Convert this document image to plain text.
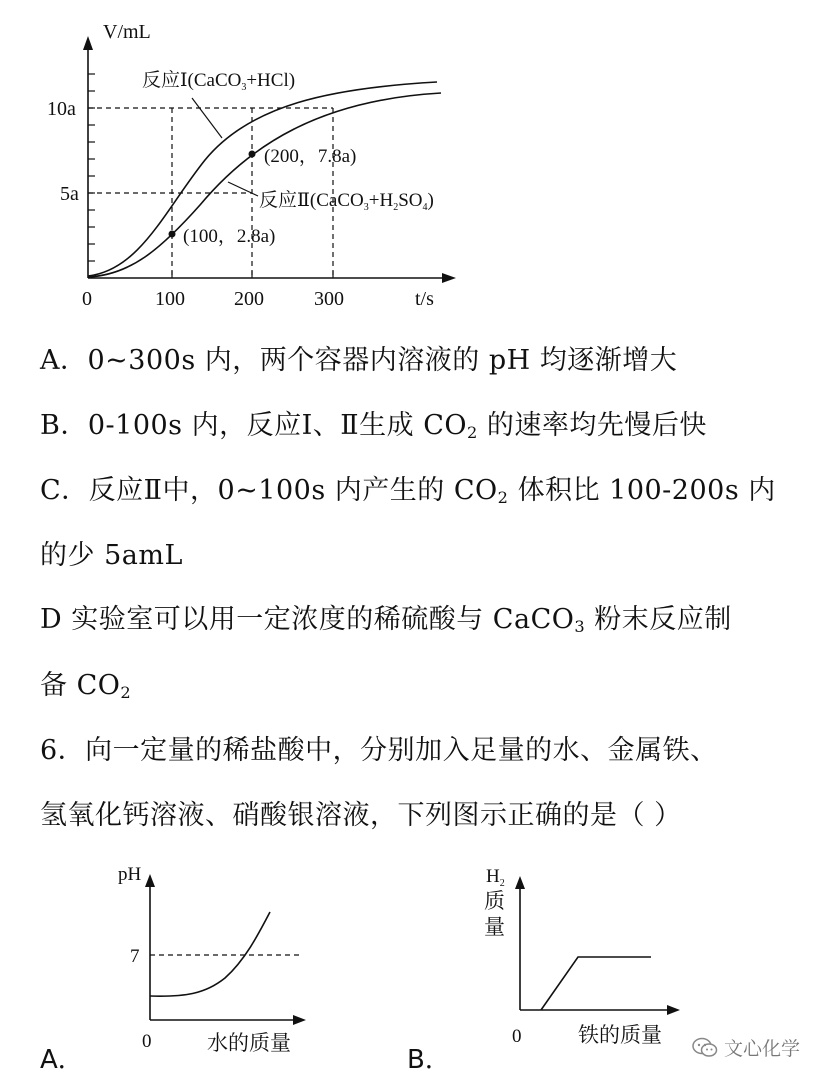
V/mL
t/s
0	100 200	300
10a
5a
反应Ⅰ(CaCO$_3$+HCl)
反应$Ⅱ(CaCO_3+H_2SO_4)$
(200，7.8a)
(100，2.8a)
A．0~300s 内，两个容器内溶液的 pH 均逐渐增大
B．0-100s 内，反应Ⅰ、Ⅱ生成 $CO_2$ 的速率均先慢后快
C．反应Ⅱ中，0~100s 内产生的 $CO_2$ 体积比 100-200s 内
的少 5amL
D 实验室可以用一定浓度的稀硫酸与 CaCO$_3$ 粉末反应制
备 $CO_2$
6．向一定量的稀盐酸中，分别加入足量的水、金属铁、
氢氧化钙溶液、硝酸银溶液，下列图示正确的是（ ）
pH
7
0	水的质量
A．
$H_2$
质
量
0	铁的质量
B．	文心化学
